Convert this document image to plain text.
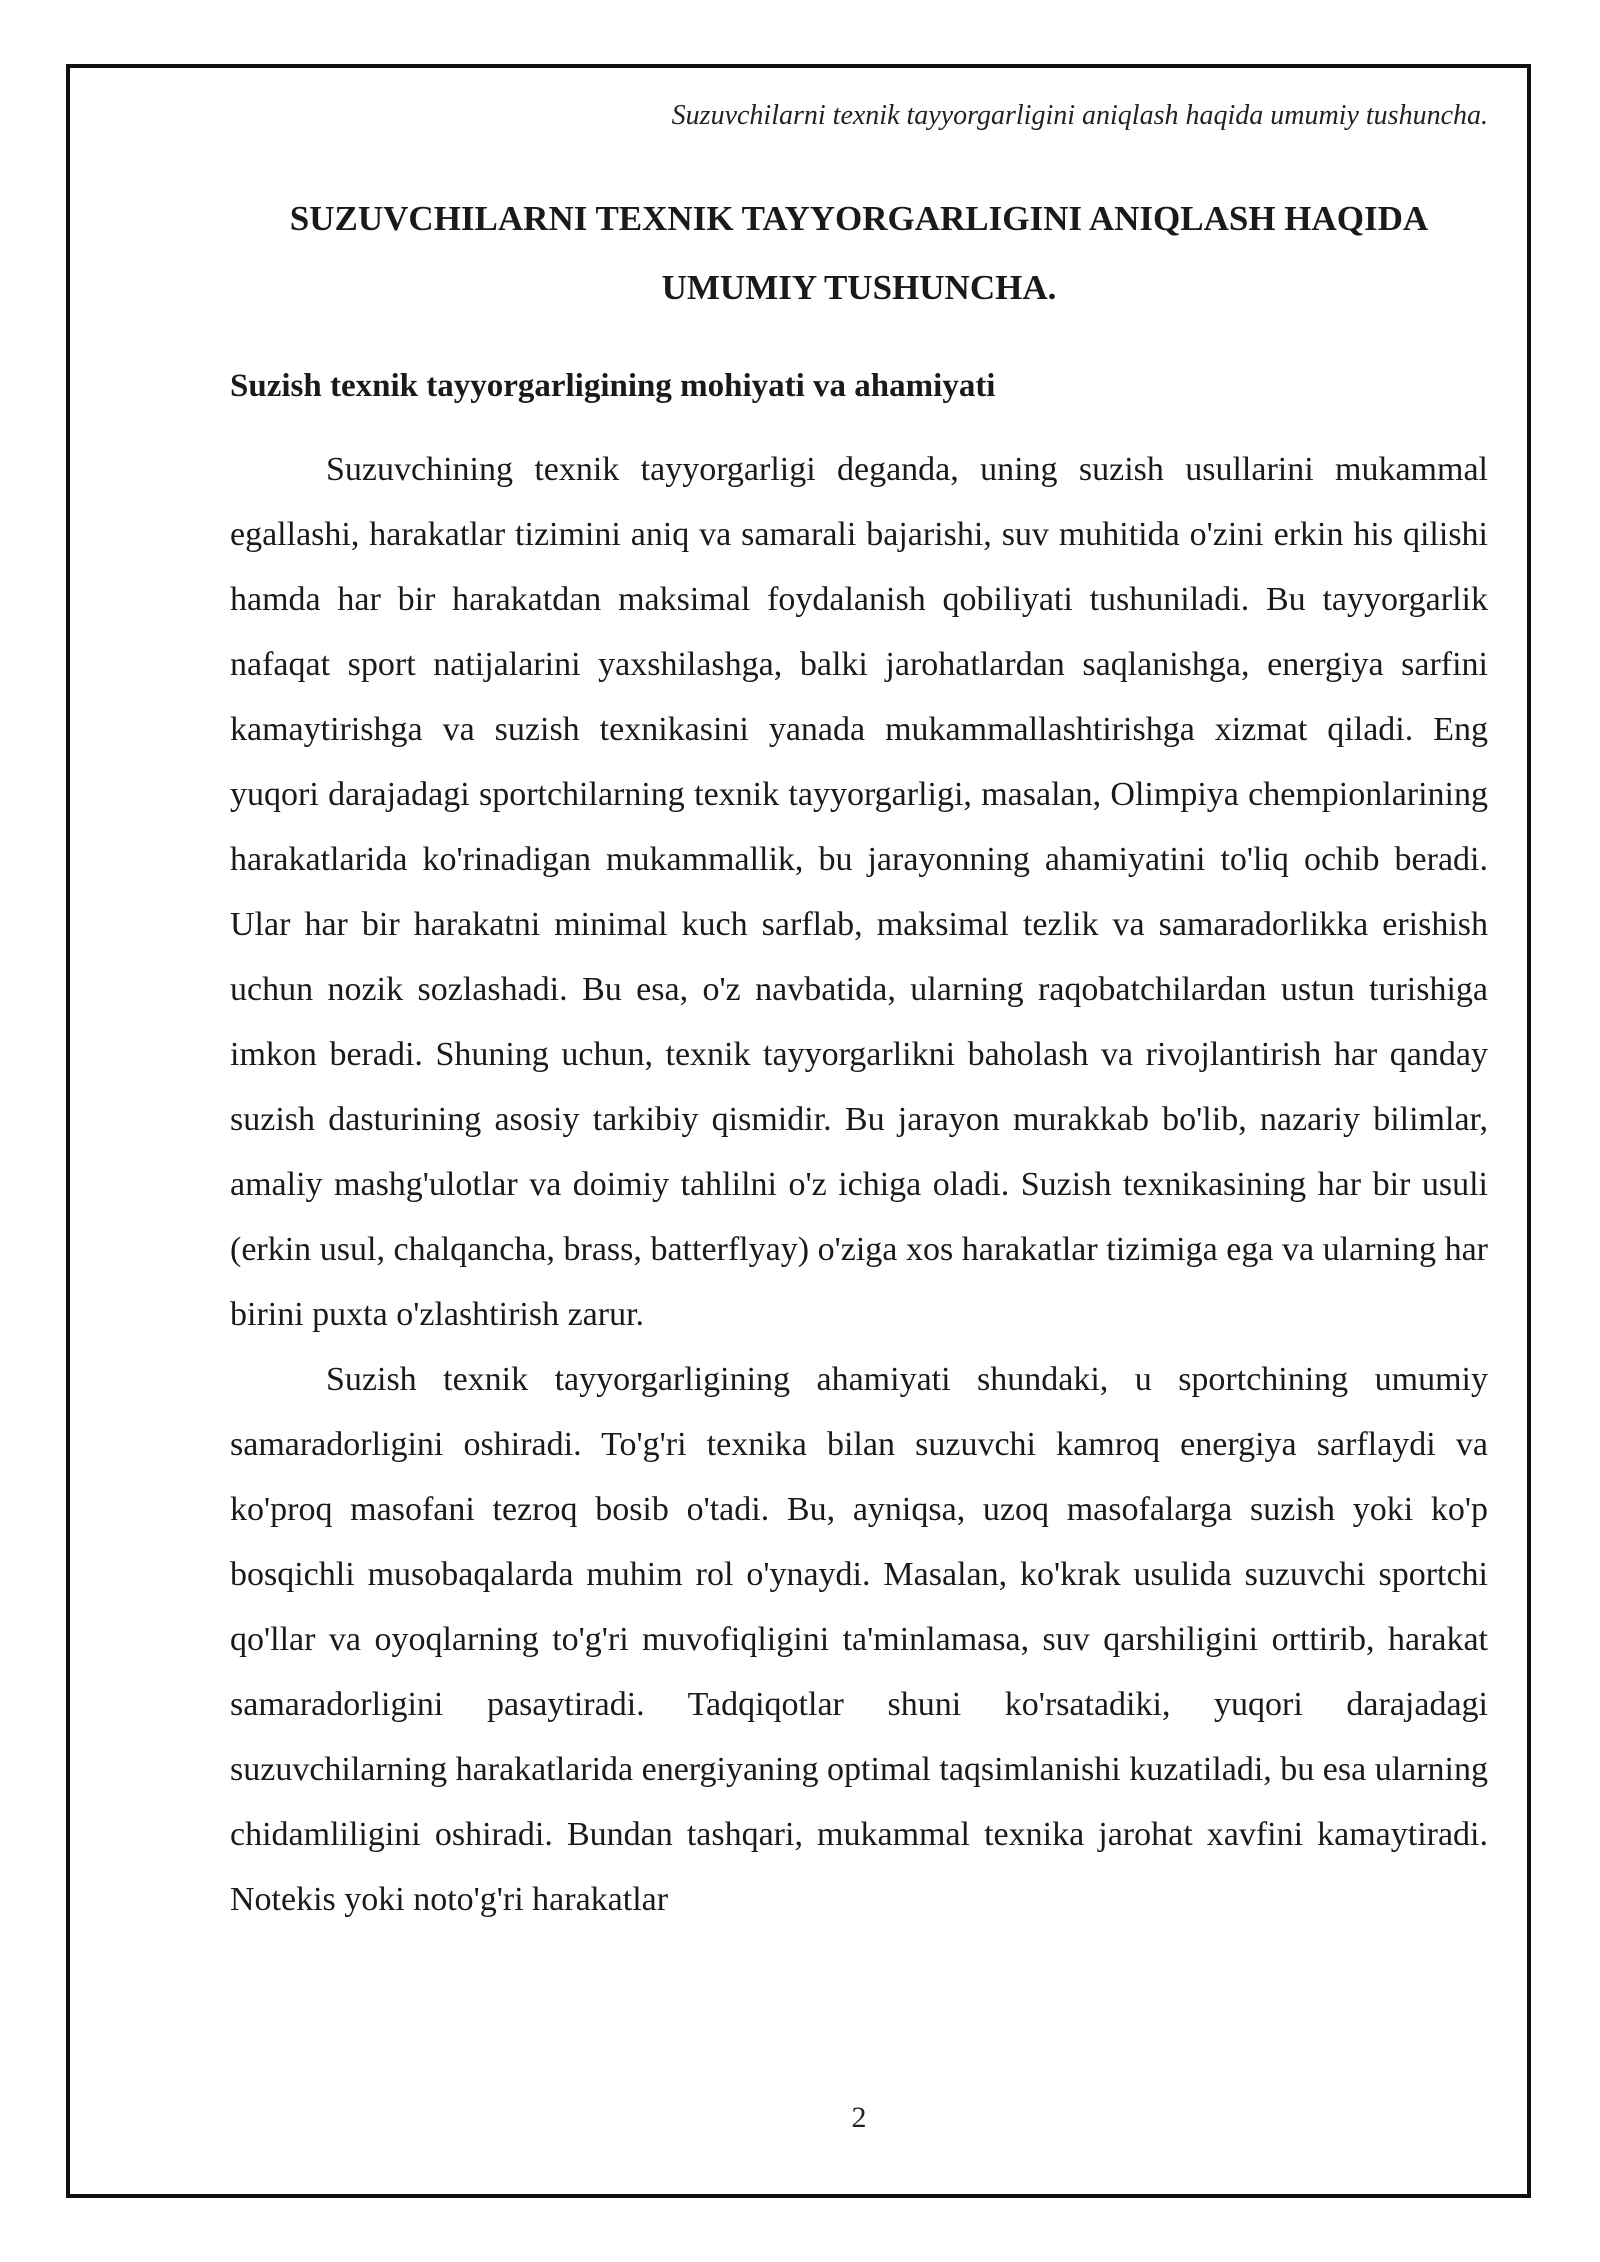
Suzuvchilarni texnik tayyorgarligini aniqlash haqida umumiy tushuncha.
SUZUVCHILARNI TEXNIK TAYYORGARLIGINI ANIQLASH HAQIDA UMUMIY TUSHUNCHA.
Suzish texnik tayyorgarligining mohiyati va ahamiyati

Suzuvchining texnik tayyorgarligi deganda, uning suzish usullarini mukammal egallashi, harakatlar tizimini aniq va samarali bajarishi, suv muhitida o'zini erkin his qilishi hamda har bir harakatdan maksimal foydalanish qobiliyati tushuniladi. Bu tayyorgarlik nafaqat sport natijalarini yaxshilashga, balki jarohatlardan saqlanishga, energiya sarfini kamaytirishga va suzish texnikasini yanada mukammallashtirishga xizmat qiladi. Eng yuqori darajadagi sportchilarning texnik tayyorgarligi, masalan, Olimpiya chempionlarining harakatlarida ko'rinadigan mukammallik, bu jarayonning ahamiyatini to'liq ochib beradi. Ular har bir harakatni minimal kuch sarflab, maksimal tezlik va samaradorlikka erishish uchun nozik sozlashadi. Bu esa, o'z navbatida, ularning raqobatchilardan ustun turishiga imkon beradi. Shuning uchun, texnik tayyorgarlikni baholash va rivojlantirish har qanday suzish dasturining asosiy tarkibiy qismidir. Bu jarayon murakkab bo'lib, nazariy bilimlar, amaliy mashg'ulotlar va doimiy tahlilni o'z ichiga oladi. Suzish texnikasining har bir usuli (erkin usul, chalqancha, brass, batterflyay) o'ziga xos harakatlar tizimiga ega va ularning har birini puxta o'zlashtirish zarur.

Suzish texnik tayyorgarligining ahamiyati shundaki, u sportchining umumiy samaradorligini oshiradi. To'g'ri texnika bilan suzuvchi kamroq energiya sarflaydi va ko'proq masofani tezroq bosib o'tadi. Bu, ayniqsa, uzoq masofalarga suzish yoki ko'p bosqichli musobaqalarda muhim rol o'ynaydi. Masalan, ko'krak usulida suzuvchi sportchi qo'llar va oyoqlarning to'g'ri muvofiqligini ta'minlamasa, suv qarshiligini orttirib, harakat samaradorligini pasaytiradi. Tadqiqotlar shuni ko'rsatadiki, yuqori darajadagi suzuvchilarning harakatlarida energiyaning optimal taqsimlanishi kuzatiladi, bu esa ularning chidamliligini oshiradi. Bundan tashqari, mukammal texnika jarohat xavfini kamaytiradi. Notekis yoki noto'g'ri harakatlar

2
